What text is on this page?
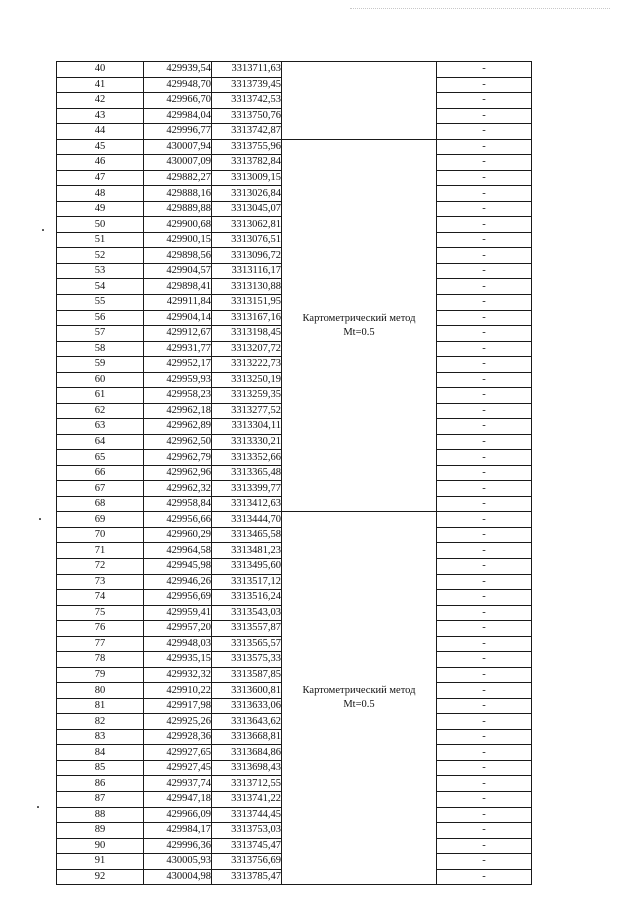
40	429939,54	3313711,63		-
41	429948,70	3313739,45		-
42	429966,70	3313742,53		-
43	429984,04	3313750,76		-
44	429996,77	3313742,87		-
45	430007,94	3313755,96	Картометрический метод
Mt=0.5	-
46	430007,09	3313782,84		-
47	429882,27	3313009,15		-
48	429888,16	3313026,84		-
49	429889,88	3313045,07		-
50	429900,68	3313062,81		-
51	429900,15	3313076,51		-
52	429898,56	3313096,72		-
53	429904,57	3313116,17		-
54	429898,41	3313130,88		-
55	429911,84	3313151,95		-
56	429904,14	3313167,16		-
57	429912,67	3313198,45		-
58	429931,77	3313207,72		-
59	429952,17	3313222,73		-
60	429959,93	3313250,19		-
61	429958,23	3313259,35		-
62	429962,18	3313277,52		-
63	429962,89	3313304,11		-
64	429962,50	3313330,21		-
65	429962,79	3313352,66		-
66	429962,96	3313365,48		-
67	429962,32	3313399,77		-
68	429958,84	3313412,63		-
69	429956,66	3313444,70	Картометрический метод
Mt=0.5	-
70	429960,29	3313465,58		-
71	429964,58	3313481,23		-
72	429945,98	3313495,60		-
73	429946,26	3313517,12		-
74	429956,69	3313516,24		-
75	429959,41	3313543,03		-
76	429957,20	3313557,87		-
77	429948,03	3313565,57		-
78	429935,15	3313575,33		-
79	429932,32	3313587,85		-
80	429910,22	3313600,81		-
81	429917,98	3313633,06		-
82	429925,26	3313643,62		-
83	429928,36	3313668,81		-
84	429927,65	3313684,86		-
85	429927,45	3313698,43		-
86	429937,74	3313712,55		-
87	429947,18	3313741,22		-
88	429966,09	3313744,45		-
89	429984,17	3313753,03		-
90	429996,36	3313745,47		-
91	430005,93	3313756,69		-
92	430004,98	3313785,47		-
